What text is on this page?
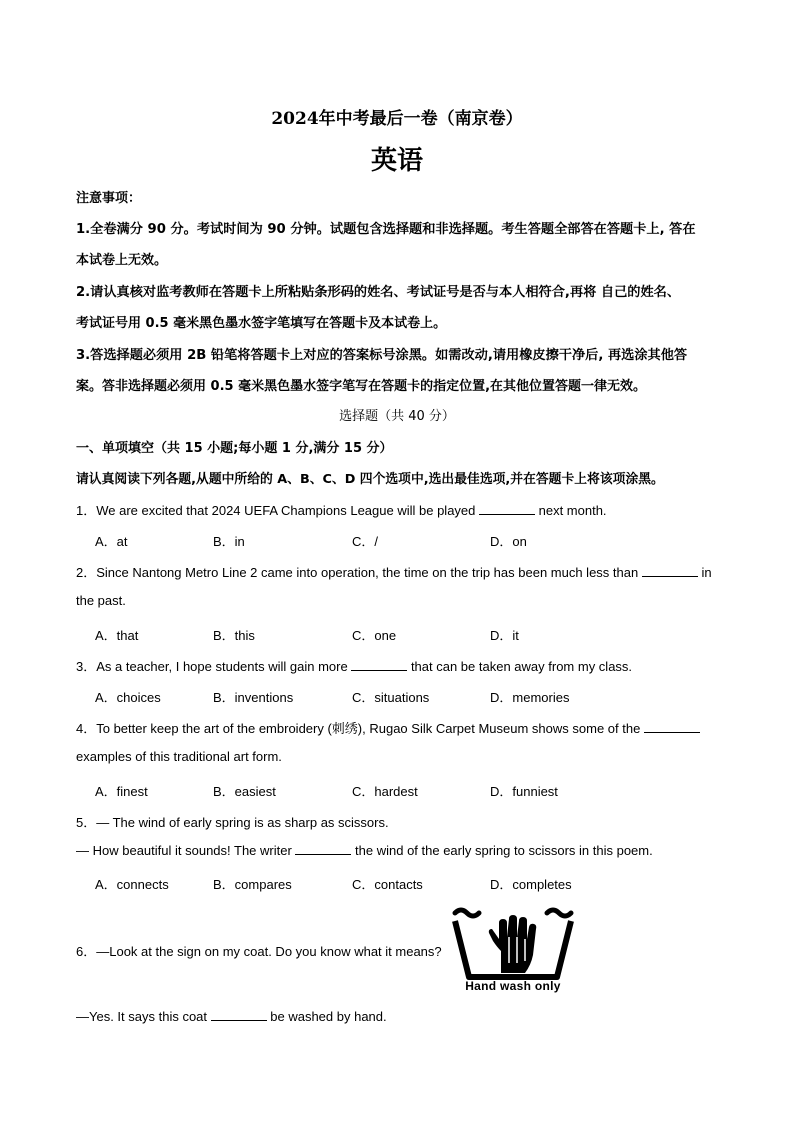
2024年中考最后一卷（南京卷）
英语
注意事项：
1.全卷满分 90 分。考试时间为 90 分钟。试题包含选择题和非选择题。考生答题全部答在答题卡上, 答在
本试卷上无效。
2.请认真核对监考教师在答题卡上所粘贴条形码的姓名、考试证号是否与本人相符合,再将 自己的姓名、
考试证号用 0.5 毫米黑色墨水签字笔填写在答题卡及本试卷上。
3.答选择题必须用 2B 铅笔将答题卡上对应的答案标号涂黑。如需改动,请用橡皮擦干净后, 再选涂其他答
案。答非选择题必须用 0.5 毫米黑色墨水签字笔写在答题卡的指定位置,在其他位置答题一律无效。
选择题（共 40 分）
一、单项填空（共 15 小题;每小题 1 分,满分 15 分）
请认真阅读下列各题,从题中所给的 A、B、C、D 四个选项中,选出最佳选项,并在答题卡上将该项涂黑。
1．We are excited that 2024 UEFA Champions League will be played	next month.
A．at	B．in	C．/	D．on
2．Since Nantong Metro Line 2 came into operation, the time on the trip has been much less than	in
the past.
A．that	B．this	C．one	D．it
3．As a teacher, I hope students will gain more	that can be taken away from my class.
A．choices	B．inventions	C．situations	D．memories
4．To better keep the art of the embroidery (刺绣), Rugao Silk Carpet Museum shows some of the
examples of this traditional art form.
A．finest	B．easiest	C．hardest	D．funniest
5．— The wind of early spring is as sharp as scissors.
— How beautiful it sounds! The writer	the wind of the early spring to scissors in this poem.
A．connects	B．compares	C．contacts	D．completes
6．—Look at the sign on my coat. Do you know what it means?
Hand wash only
—Yes. It says this coat	be washed by hand.
